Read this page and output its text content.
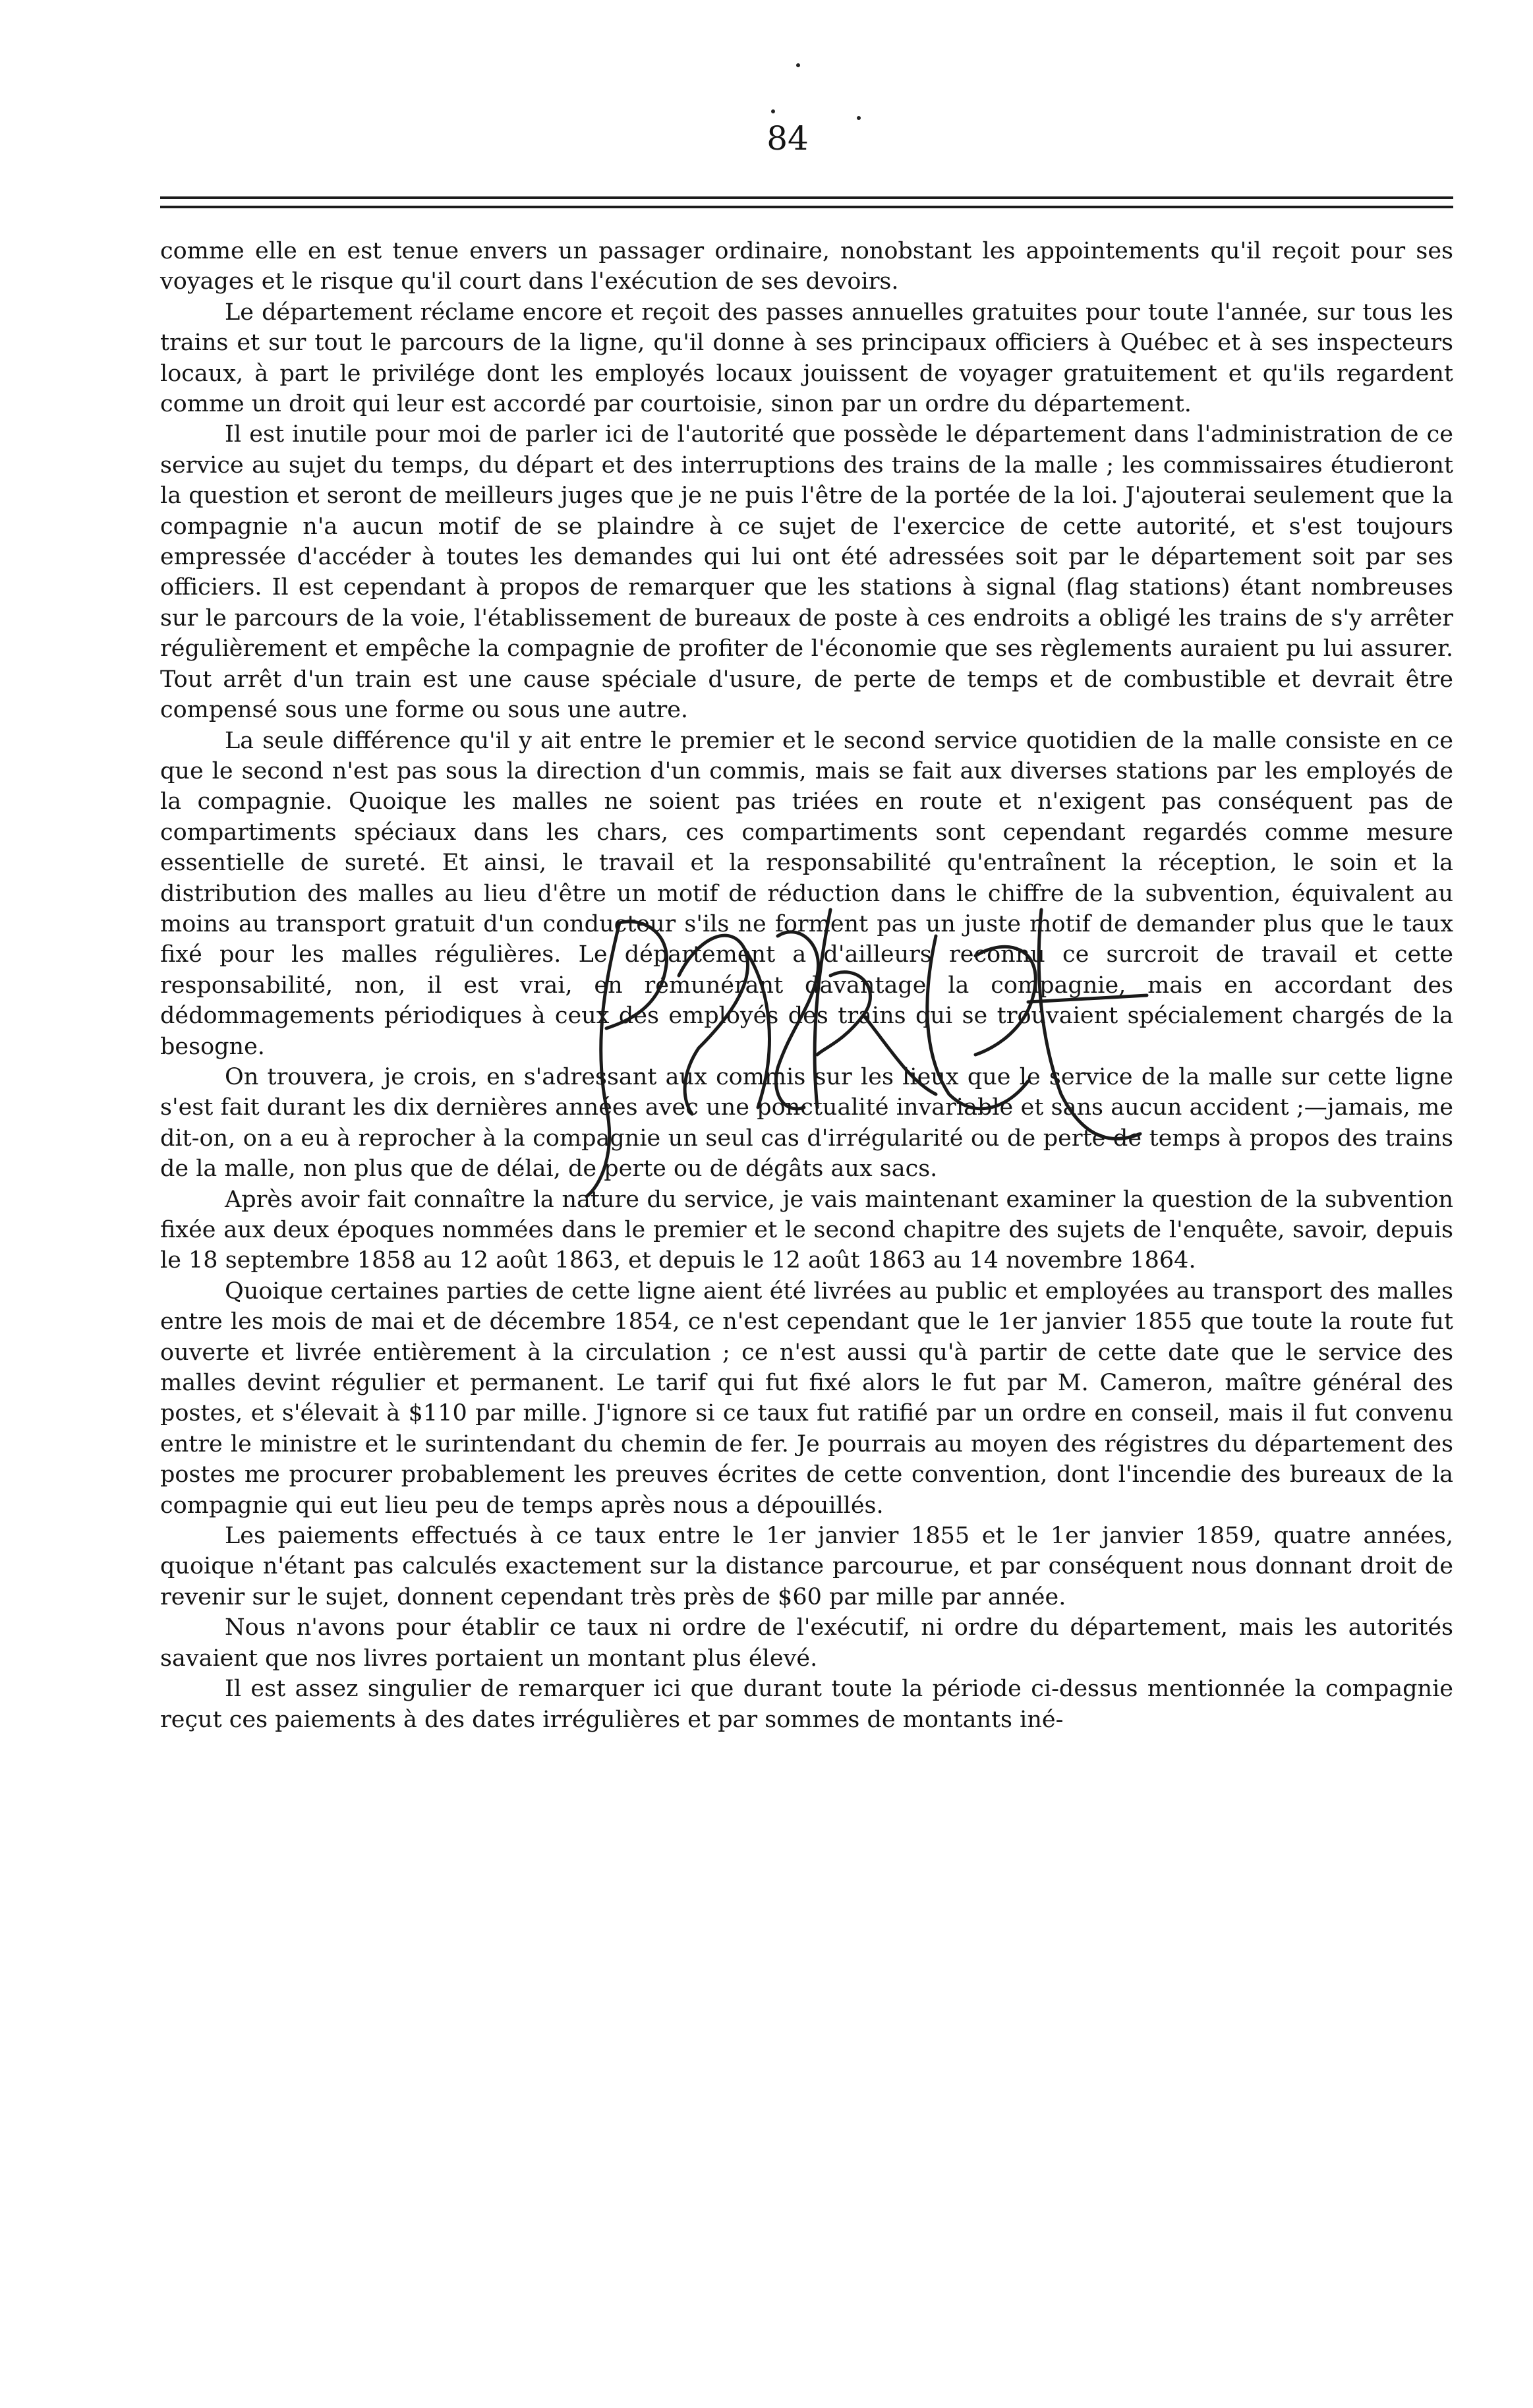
84

comme elle en est tenue envers un passager ordinaire, nonobstant les appointements qu'il reçoit pour ses voyages et le risque qu'il court dans l'exécution de ses devoirs.

Le département réclame encore et reçoit des passes annuelles gratuites pour toute l'année, sur tous les trains et sur tout le parcours de la ligne, qu'il donne à ses principaux officiers à Québec et à ses inspecteurs locaux, à part le privilége dont les employés locaux jouissent de voyager gratuitement et qu'ils regardent comme un droit qui leur est accordé par courtoisie, sinon par un ordre du département.

Il est inutile pour moi de parler ici de l'autorité que possède le département dans l'administration de ce service au sujet du temps, du départ et des interruptions des trains de la malle ; les commissaires étudieront la question et seront de meilleurs juges que je ne puis l'être de la portée de la loi. J'ajouterai seulement que la compagnie n'a aucun motif de se plaindre à ce sujet de l'exercice de cette autorité, et s'est toujours empressée d'accéder à toutes les demandes qui lui ont été adressées soit par le département soit par ses officiers. Il est cependant à propos de remarquer que les stations à signal (flag stations) étant nombreuses sur le parcours de la voie, l'établissement de bureaux de poste à ces endroits a obligé les trains de s'y arrêter régulièrement et empêche la compagnie de profiter de l'économie que ses règlements auraient pu lui assurer. Tout arrêt d'un train est une cause spéciale d'usure, de perte de temps et de combustible et devrait être compensé sous une forme ou sous une autre.

La seule différence qu'il y ait entre le premier et le second service quotidien de la malle consiste en ce que le second n'est pas sous la direction d'un commis, mais se fait aux diverses stations par les employés de la compagnie. Quoique les malles ne soient pas triées en route et n'exigent pas conséquent pas de compartiments spéciaux dans les chars, ces compartiments sont cependant regardés comme mesure essentielle de sureté. Et ainsi, le travail et la responsabilité qu'entraînent la réception, le soin et la distribution des malles au lieu d'être un motif de réduction dans le chiffre de la subvention, équivalent au moins au transport gratuit d'un conducteur s'ils ne forment pas un juste motif de demander plus que le taux fixé pour les malles régulières. Le département a d'ailleurs reconnu ce surcroit de travail et cette responsabilité, non, il est vrai, en rémunérant davantage la compagnie, mais en accordant des dédommagements périodiques à ceux des employés des trains qui se trouvaient spécialement chargés de la besogne.

On trouvera, je crois, en s'adressant aux commis sur les lieux que le service de la malle sur cette ligne s'est fait durant les dix dernières années avec une ponctualité invariable et sans aucun accident ;—jamais, me dit-on, on a eu à reprocher à la compagnie un seul cas d'irrégularité ou de perte de temps à propos des trains de la malle, non plus que de délai, de perte ou de dégâts aux sacs.

Après avoir fait connaître la nature du service, je vais maintenant examiner la question de la subvention fixée aux deux époques nommées dans le premier et le second chapitre des sujets de l'enquête, savoir, depuis le 18 septembre 1858 au 12 août 1863, et depuis le 12 août 1863 au 14 novembre 1864.

Quoique certaines parties de cette ligne aient été livrées au public et employées au transport des malles entre les mois de mai et de décembre 1854, ce n'est cependant que le 1er janvier 1855 que toute la route fut ouverte et livrée entièrement à la circulation ; ce n'est aussi qu'à partir de cette date que le service des malles devint régulier et permanent. Le tarif qui fut fixé alors le fut par M. Cameron, maître général des postes, et s'élevait à $110 par mille. J'ignore si ce taux fut ratifié par un ordre en conseil, mais il fut convenu entre le ministre et le surintendant du chemin de fer. Je pourrais au moyen des régistres du département des postes me procurer probablement les preuves écrites de cette convention, dont l'incendie des bureaux de la compagnie qui eut lieu peu de temps après nous a dépouillés.

Les paiements effectués à ce taux entre le 1er janvier 1855 et le 1er janvier 1859, quatre années, quoique n'étant pas calculés exactement sur la distance parcourue, et par conséquent nous donnant droit de revenir sur le sujet, donnent cependant très près de $60 par mille par année.

Nous n'avons pour établir ce taux ni ordre de l'exécutif, ni ordre du département, mais les autorités savaient que nos livres portaient un montant plus élevé.

Il est assez singulier de remarquer ici que durant toute la période ci-dessus mentionnée la compagnie reçut ces paiements à des dates irrégulières et par sommes de montants iné-
